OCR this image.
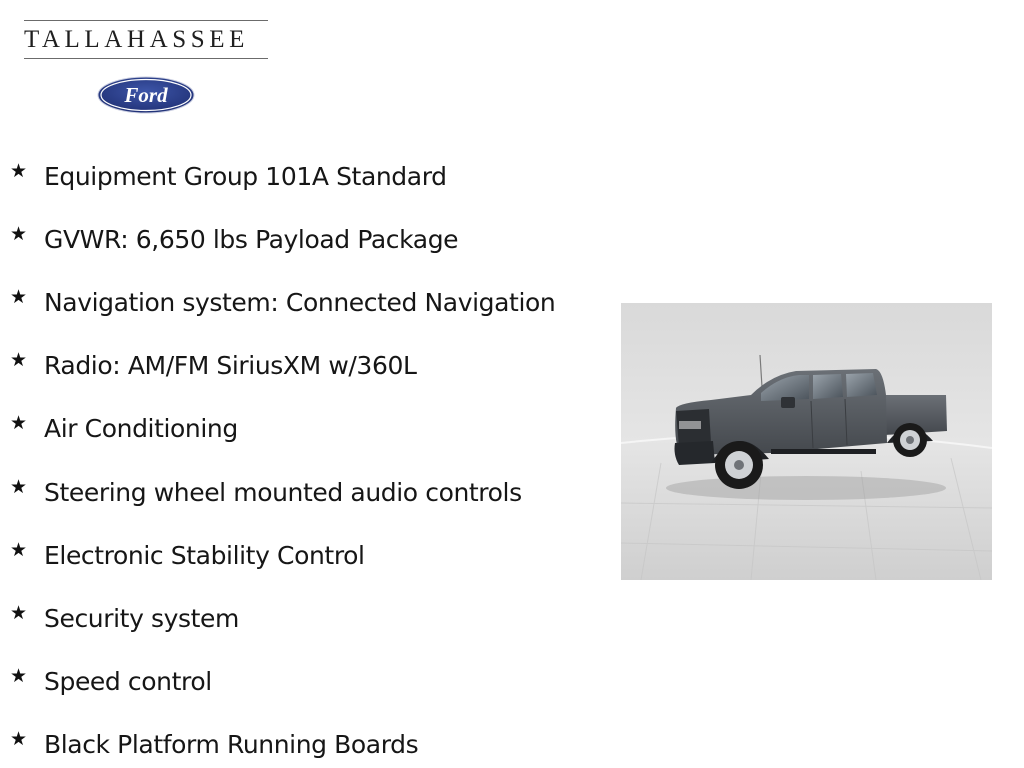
TALLAHASSEE
Ford
★ Equipment Group 101A Standard
★ GVWR: 6,650 lbs Payload Package
★ Navigation system: Connected Navigation
★ Radio: AM/FM SiriusXM w/360L
★ Air Conditioning
★ Steering wheel mounted audio controls
★ Electronic Stability Control
★ Security system
★ Speed control
★ Black Platform Running Boards
